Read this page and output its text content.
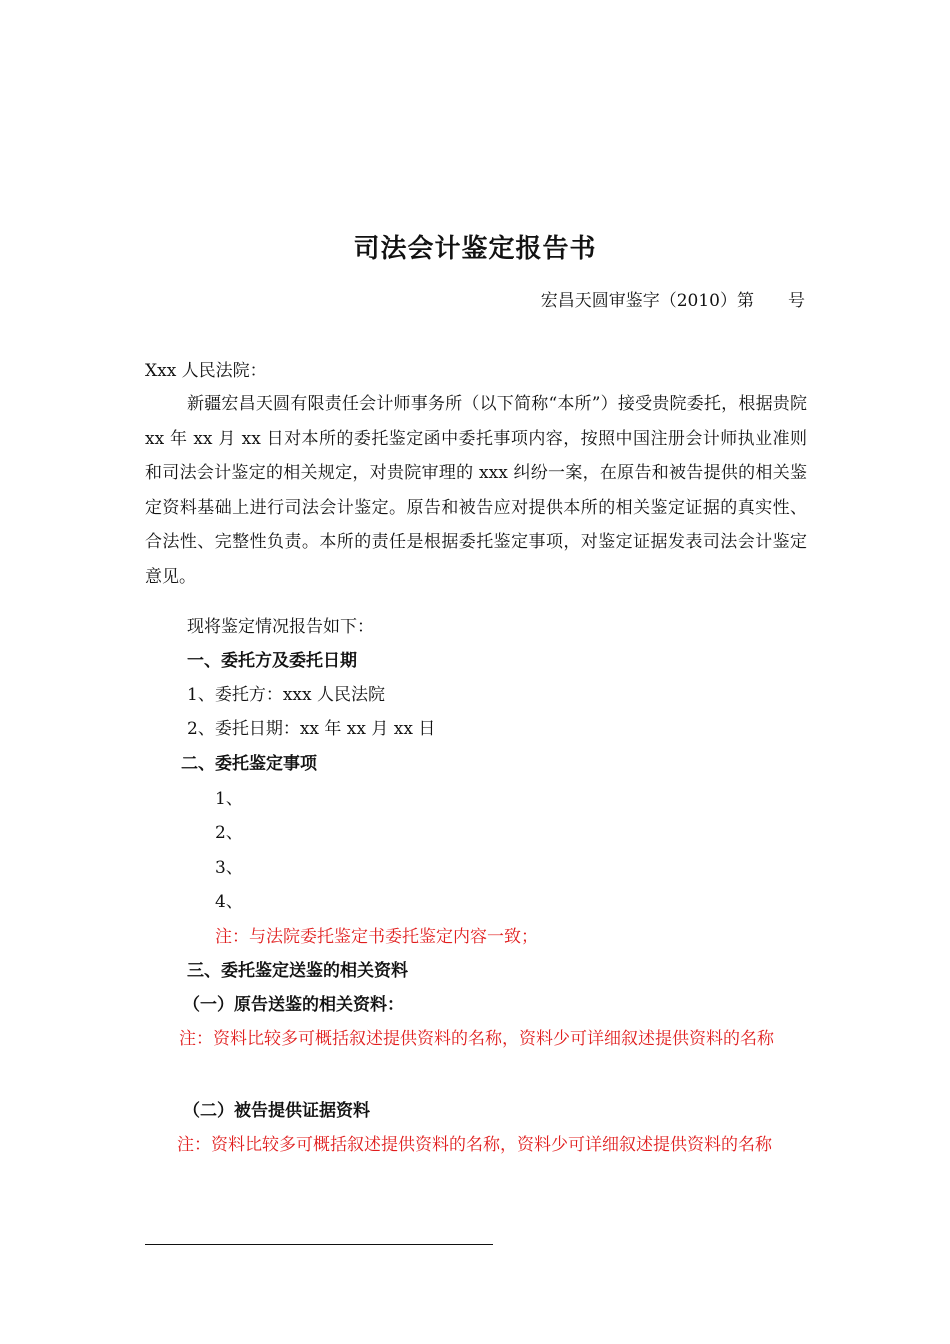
司法会计鉴定报告书
宏昌天圆审鉴字（2010）第　　号
Xxx 人民法院：
新疆宏昌天圆有限责任会计师事务所（以下简称“本所”）接受贵院委托，根据贵院 xx 年 xx 月 xx 日对本所的委托鉴定函中委托事项内容，按照中国注册会计师执业准则和司法会计鉴定的相关规定，对贵院审理的 xxx 纠纷一案，在原告和被告提供的相关鉴定资料基础上进行司法会计鉴定。原告和被告应对提供本所的相关鉴定证据的真实性、合法性、完整性负责。本所的责任是根据委托鉴定事项，对鉴定证据发表司法会计鉴定意见。
现将鉴定情况报告如下：
一、委托方及委托日期
1、委托方：xxx 人民法院
2、委托日期：xx 年 xx 月 xx 日
二、委托鉴定事项
1、
2、
3、
4、
注：与法院委托鉴定书委托鉴定内容一致；
三、委托鉴定送鉴的相关资料
（一）原告送鉴的相关资料：
注：资料比较多可概括叙述提供资料的名称，资料少可详细叙述提供资料的名称
（二）被告提供证据资料
注：资料比较多可概括叙述提供资料的名称，资料少可详细叙述提供资料的名称
